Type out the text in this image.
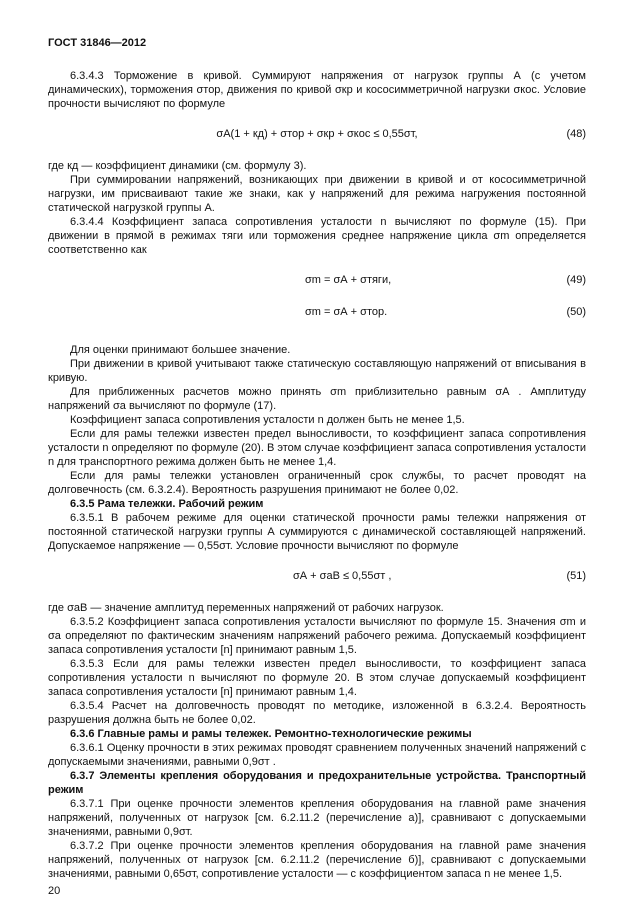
ГОСТ 31846—2012

6.3.4.3 Торможение в кривой. Суммируют напряжения от нагрузок группы А (с учетом динамических), торможения σтор, движения по кривой σкр и кососимметричной нагрузки σкос. Условие прочности вычисляют по формуле

σА(1 + кд) + σтор + σкр + σкос ≤ 0,55σт,	(48)

где кд — коэффициент динамики (см. формулу 3).

При суммировании напряжений, возникающих при движении в кривой и от кососимметричной нагрузки, им присваивают такие же знаки, как у напряжений для режима нагружения постоянной статической нагрузкой группы А.

6.3.4.4 Коэффициент запаса сопротивления усталости n вычисляют по формуле (15). При движении в прямой в режимах тяги или торможения среднее напряжение цикла σm определяется соответственно как

σm = σА + σтяги,	(49)
σm = σА + σтор.	(50)

Для оценки принимают большее значение.

При движении в кривой учитывают также статическую составляющую напряжений от вписывания в кривую.

Для приближенных расчетов можно принять σm приблизительно равным σА . Амплитуду напряжений σа вычисляют по формуле (17).

Коэффициент запаса сопротивления усталости n должен быть не менее 1,5.

Если для рамы тележки известен предел выносливости, то коэффициент запаса сопротивления усталости n определяют по формуле (20). В этом случае коэффициент запаса сопротивления усталости n для транспортного режима должен быть не менее 1,4.

Если для рамы тележки установлен ограниченный срок службы, то расчет проводят на долговечность (см. 6.3.2.4). Вероятность разрушения принимают не более 0,02.

6.3.5 Рама тележки. Рабочий режим

6.3.5.1 В рабочем режиме для оценки статической прочности рамы тележки напряжения от постоянной статической нагрузки группы А суммируются с динамической составляющей напряжений. Допускаемое напряжение — 0,55σт. Условие прочности вычисляют по формуле

σА + σаВ ≤ 0,55σт ,	(51)

где σаВ — значение амплитуд переменных напряжений от рабочих нагрузок.

6.3.5.2 Коэффициент запаса сопротивления усталости вычисляют по формуле 15. Значения σm и σа определяют по фактическим значениям напряжений рабочего режима. Допускаемый коэффициент запаса сопротивления усталости [n] принимают равным 1,5.

6.3.5.3 Если для рамы тележки известен предел выносливости, то коэффициент запаса сопротивления усталости n вычисляют по формуле 20. В этом случае допускаемый коэффициент запаса сопротивления усталости [n] принимают равным 1,4.

6.3.5.4 Расчет на долговечность проводят по методике, изложенной в 6.3.2.4. Вероятность разрушения должна быть не более 0,02.

6.3.6 Главные рамы и рамы тележек. Ремонтно-технологические режимы

6.3.6.1 Оценку прочности в этих режимах проводят сравнением полученных значений напряжений с допускаемыми значениями, равными 0,9σт .

6.3.7 Элементы крепления оборудования и предохранительные устройства. Транспортный режим

6.3.7.1 При оценке прочности элементов крепления оборудования на главной раме значения напряжений, полученных от нагрузок [см. 6.2.11.2 (перечисление а)], сравнивают с допускаемыми значениями, равными 0,9σт.

6.3.7.2 При оценке прочности элементов крепления оборудования на главной раме значения напряжений, полученных от нагрузок [см. 6.2.11.2 (перечисление б)], сравнивают с допускаемыми значениями, равными 0,65σт, сопротивление усталости — с коэффициентом запаса n не менее 1,5.

20
